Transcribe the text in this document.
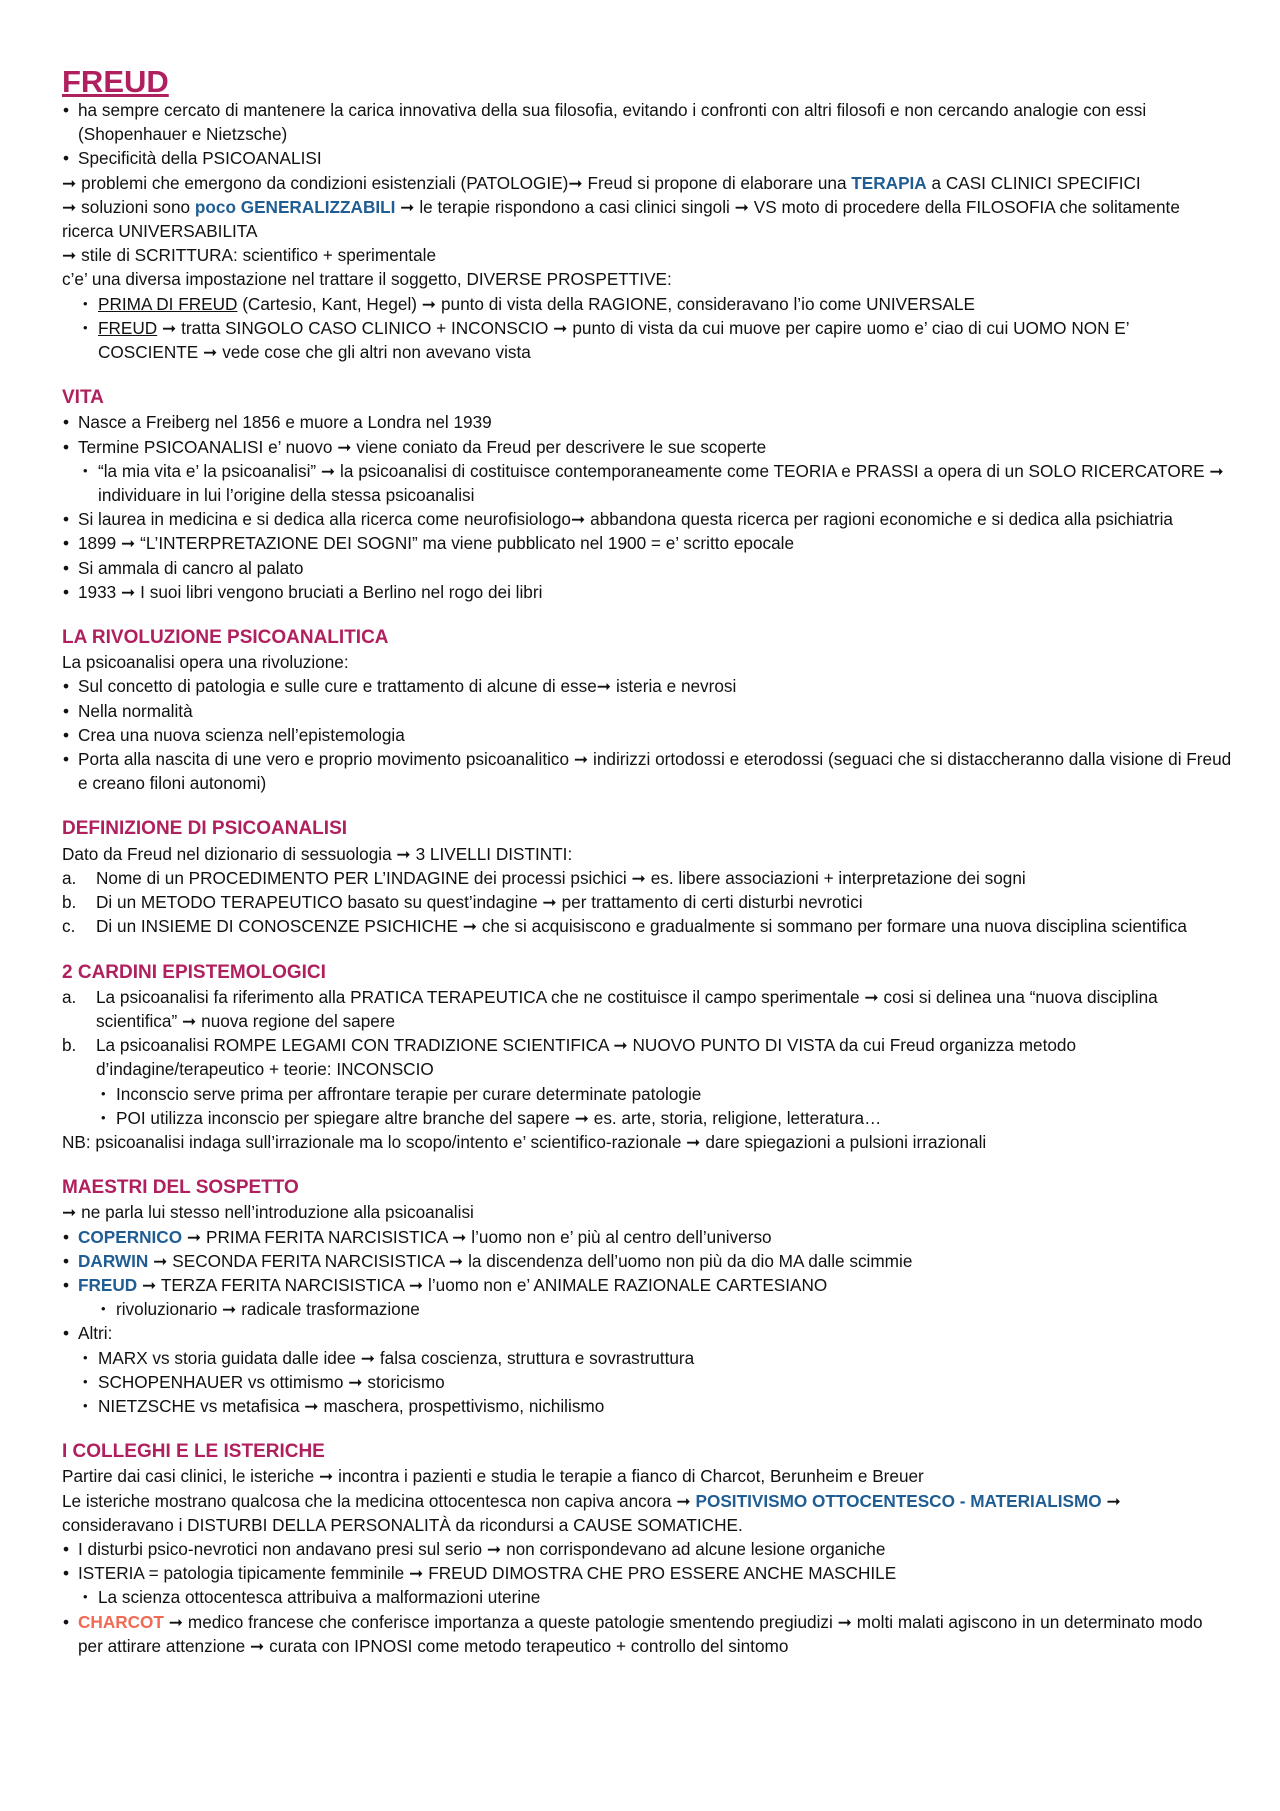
FREUD
• ha sempre cercato di mantenere la carica innovativa della sua filosofia, evitando i confronti con altri filosofi e non cercando analogie con essi (Shopenhauer e Nietzsche)
• Specificità della PSICOANALISI
➞ problemi che emergono da condizioni esistenziali (PATOLOGIE)➞ Freud si propone di elaborare una TERAPIA a CASI CLINICI SPECIFICI
➞ soluzioni sono poco GENERALIZZABILI ➞ le terapie rispondono a casi clinici singoli ➞ VS moto di procedere della FILOSOFIA che solitamente ricerca UNIVERSABILITA
➞ stile di SCRITTURA: scientifico + sperimentale
c’e’ una diversa impostazione nel trattare il soggetto, DIVERSE PROSPETTIVE:
• PRIMA DI FREUD (Cartesio, Kant, Hegel) ➞ punto di vista della RAGIONE, consideravano l’io come UNIVERSALE
• FREUD ➞ tratta SINGOLO CASO CLINICO + INCONSCIO ➞ punto di vista da cui muove per capire uomo e’ ciao di cui UOMO NON E’ COSCIENTE ➞ vede cose che gli altri non avevano vista
VITA
• Nasce a Freiberg nel 1856 e muore a Londra nel 1939
• Termine PSICOANALISI e’ nuovo ➞ viene coniato da Freud per descrivere le sue scoperte
• “la mia vita e’ la psicoanalisi” ➞ la psicoanalisi di costituisce contemporaneamente come TEORIA e PRASSI a opera di un SOLO RICERCATORE ➞ individuare in lui l’origine della stessa psicoanalisi
• Si laurea in medicina e si dedica alla ricerca come neurofisiologo➞ abbandona questa ricerca per ragioni economiche e si dedica alla psichiatria
• 1899 ➞ “L’INTERPRETAZIONE DEI SOGNI” ma viene pubblicato nel 1900 = e’ scritto epocale
• Si ammala di cancro al palato
• 1933 ➞ I suoi libri vengono bruciati a Berlino nel rogo dei libri
LA RIVOLUZIONE PSICOANALITICA
La psicoanalisi opera una rivoluzione:
• Sul concetto di patologia e sulle cure e trattamento di alcune di esse➞ isteria e nevrosi
• Nella normalità
• Crea una nuova scienza nell’epistemologia
• Porta alla nascita di une vero e proprio movimento psicoanalitico ➞ indirizzi ortodossi e eterodossi (seguaci che si distaccheranno dalla visione di Freud e creano filoni autonomi)
DEFINIZIONE DI PSICOANALISI
Dato da Freud nel dizionario di sessuologia ➞ 3 LIVELLI DISTINTI:
a. Nome di un PROCEDIMENTO PER L’INDAGINE dei processi psichici ➞ es. libere associazioni + interpretazione dei sogni
b. Di un METODO TERAPEUTICO basato su quest’indagine ➞ per trattamento di certi disturbi nevrotici
c. Di un INSIEME DI CONOSCENZE PSICHICHE ➞ che si acquisiscono e gradualmente si sommano per formare una nuova disciplina scientifica
2 CARDINI EPISTEMOLOGICI
a. La psicoanalisi fa riferimento alla PRATICA TERAPEUTICA che ne costituisce il campo sperimentale ➞ cosi si delinea una “nuova disciplina scientifica” ➞ nuova regione del sapere
b. La psicoanalisi ROMPE LEGAMI CON TRADIZIONE SCIENTIFICA ➞ NUOVO PUNTO DI VISTA da cui Freud organizza metodo d’indagine/terapeutico + teorie: INCONSCIO
• Inconscio serve prima per affrontare terapie per curare determinate patologie
• POI utilizza inconscio per spiegare altre branche del sapere ➞ es. arte, storia, religione, letteratura…
NB: psicoanalisi indaga sull’irrazionale ma lo scopo/intento e’ scientifico-razionale ➞ dare spiegazioni a pulsioni irrazionali
MAESTRI DEL SOSPETTO
➞ ne parla lui stesso nell’introduzione alla psicoanalisi
• COPERNICO ➞ PRIMA FERITA NARCISISTICA ➞ l’uomo non e’ più al centro dell’universo
• DARWIN ➞ SECONDA FERITA NARCISISTICA ➞ la discendenza dell’uomo non più da dio MA dalle scimmie
• FREUD ➞ TERZA FERITA NARCISISTICA ➞ l’uomo non e’ ANIMALE RAZIONALE CARTESIANO
• rivoluzionario ➞ radicale trasformazione
• Altri:
• MARX vs storia guidata dalle idee ➞ falsa coscienza, struttura e sovrastruttura
• SCHOPENHAUER vs ottimismo ➞ storicismo
• NIETZSCHE vs metafisica ➞ maschera, prospettivismo, nichilismo
I COLLEGHI E LE ISTERICHE
Partire dai casi clinici, le isteriche ➞ incontra i pazienti e studia le terapie a fianco di Charcot, Berunheim e Breuer
Le isteriche mostrano qualcosa che la medicina ottocentesca non capiva ancora ➞ POSITIVISMO OTTOCENTESCO - MATERIALISMO ➞ consideravano i DISTURBI DELLA PERSONALITÀ da ricondursi a CAUSE SOMATICHE.
• I disturbi psico-nevrotici non andavano presi sul serio ➞ non corrispondevano ad alcune lesione organiche
• ISTERIA = patologia tipicamente femminile ➞ FREUD DIMOSTRA CHE PRO ESSERE ANCHE MASCHILE
• La scienza ottocentesca attribuiva a malformazioni uterine
• CHARCOT ➞ medico francese che conferisce importanza a queste patologie smentendo pregiudizi ➞ molti malati agiscono in un determinato modo per attirare attenzione ➞ curata con IPNOSI come metodo terapeutico + controllo del sintomo
